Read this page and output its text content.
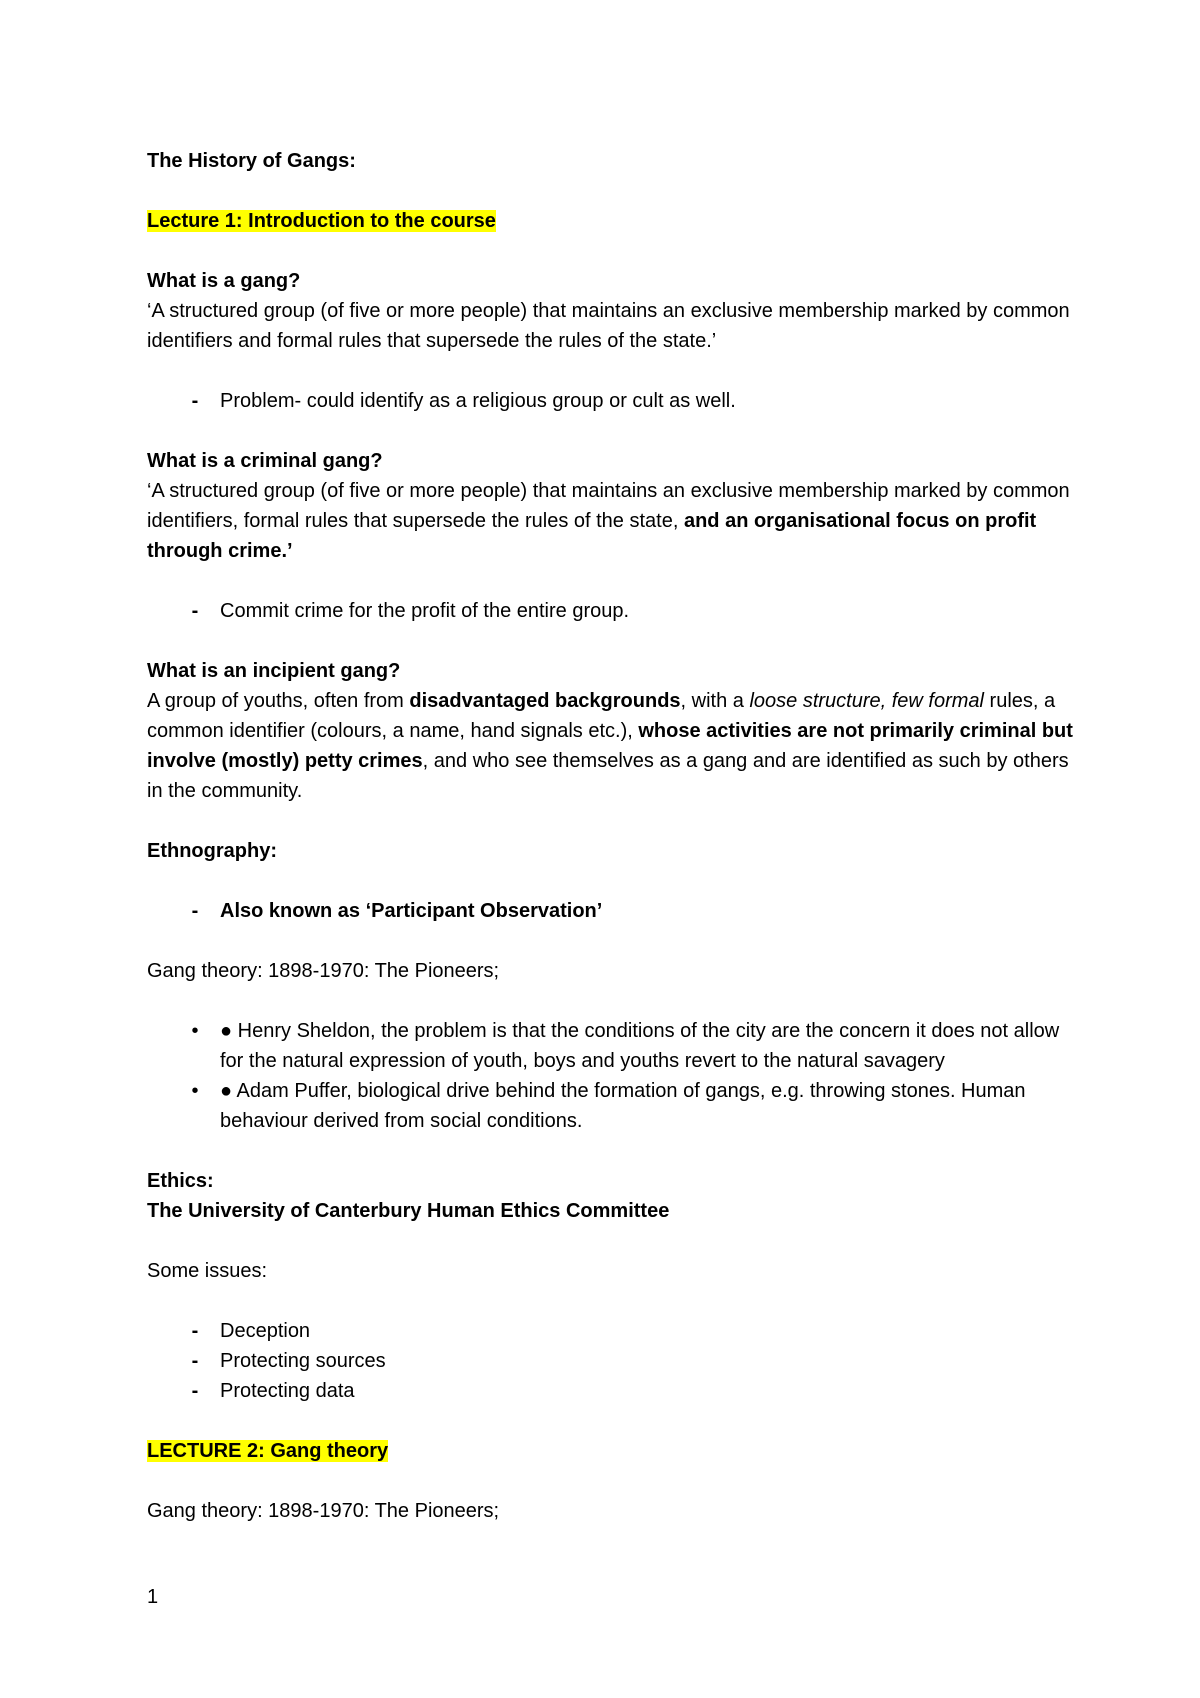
The History of Gangs:

Lecture 1: Introduction to the course

What is a gang?

‘A structured group (of five or more people) that maintains an exclusive membership marked by common identifiers and formal rules that supersede the rules of the state.’

-	Problem- could identify as a religious group or cult as well.

What is a criminal gang?

‘A structured group (of five or more people) that maintains an exclusive membership marked by common identifiers, formal rules that supersede the rules of the state, and an organisational focus on profit through crime.’

-	Commit crime for the profit of the entire group.

What is an incipient gang?

A group of youths, often from disadvantaged backgrounds, with a loose structure, few formal rules, a common identifier (colours, a name, hand signals etc.), whose activities are not primarily criminal but involve (mostly) petty crimes, and who see themselves as a gang and are identified as such by others in the community.

Ethnography:

-	Also known as ‘Participant Observation’

Gang theory: 1898-1970: The Pioneers;

•	● Henry Sheldon, the problem is that the conditions of the city are the concern it does not allow for the natural expression of youth, boys and youths revert to the natural savagery
•	● Adam Puffer, biological drive behind the formation of gangs, e.g. throwing stones. Human behaviour derived from social conditions.

Ethics:

The University of Canterbury Human Ethics Committee

Some issues:

-	Deception
-	Protecting sources
-	Protecting data

LECTURE 2: Gang theory

Gang theory: 1898-1970: The Pioneers;

1
